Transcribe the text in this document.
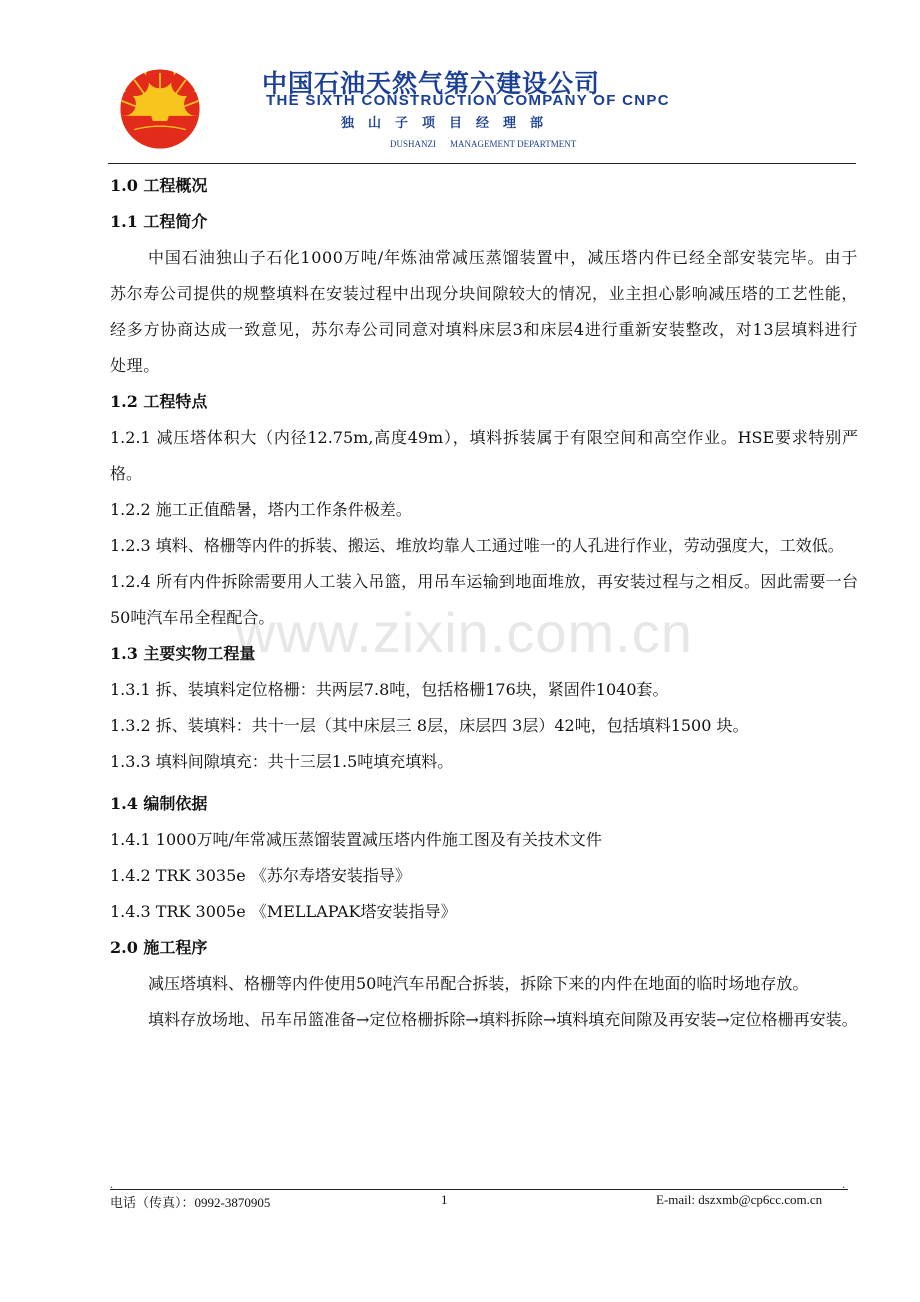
中国石油天然气第六建设公司
THE SIXTH CONSTRUCTION COMPANY OF CNPC
独山子项目经理部
DUSHANZI MANAGEMENT DEPARTMENT
www.zixin.com.cn

1.0 工程概况

1.1 工程简介

中国石油独山子石化1000万吨/年炼油常减压蒸馏装置中，减压塔内件已经全部安装完毕。由于苏尔寿公司提供的规整填料在安装过程中出现分块间隙较大的情况，业主担心影响减压塔的工艺性能，经多方协商达成一致意见，苏尔寿公司同意对填料床层3和床层4进行重新安装整改，对13层填料进行处理。

1.2 工程特点

1.2.1 减压塔体积大（内径12.75m,高度49m），填料拆装属于有限空间和高空作业。HSE要求特别严格。

1.2.2 施工正值酷暑，塔内工作条件极差。

1.2.3 填料、格栅等内件的拆装、搬运、堆放均靠人工通过唯一的人孔进行作业，劳动强度大，工效低。

1.2.4 所有内件拆除需要用人工装入吊篮，用吊车运输到地面堆放，再安装过程与之相反。因此需要一台50吨汽车吊全程配合。

1.3 主要实物工程量

1.3.1 拆、装填料定位格栅：共两层7.8吨，包括格栅176块，紧固件1040套。

1.3.2 拆、装填料：共十一层（其中床层三 8层，床层四 3层）42吨，包括填料1500 块。

1.3.3 填料间隙填充：共十三层1.5吨填充填料。

1.4 编制依据

1.4.1 1000万吨/年常减压蒸馏装置减压塔内件施工图及有关技术文件

1.4.2 TRK 3035e 《苏尔寿塔安装指导》

1.4.3 TRK 3005e 《MELLAPAK塔安装指导》

2.0 施工程序

减压塔填料、格栅等内件使用50吨汽车吊配合拆装，拆除下来的内件在地面的临时场地存放。

填料存放场地、吊车吊篮准备→定位格栅拆除→填料拆除→填料填充间隙及再安装→定位格栅再安装。

.	.
电话（传真）：0992-3870905	1	E-mail: dszxmb@cp6cc.com.cn
